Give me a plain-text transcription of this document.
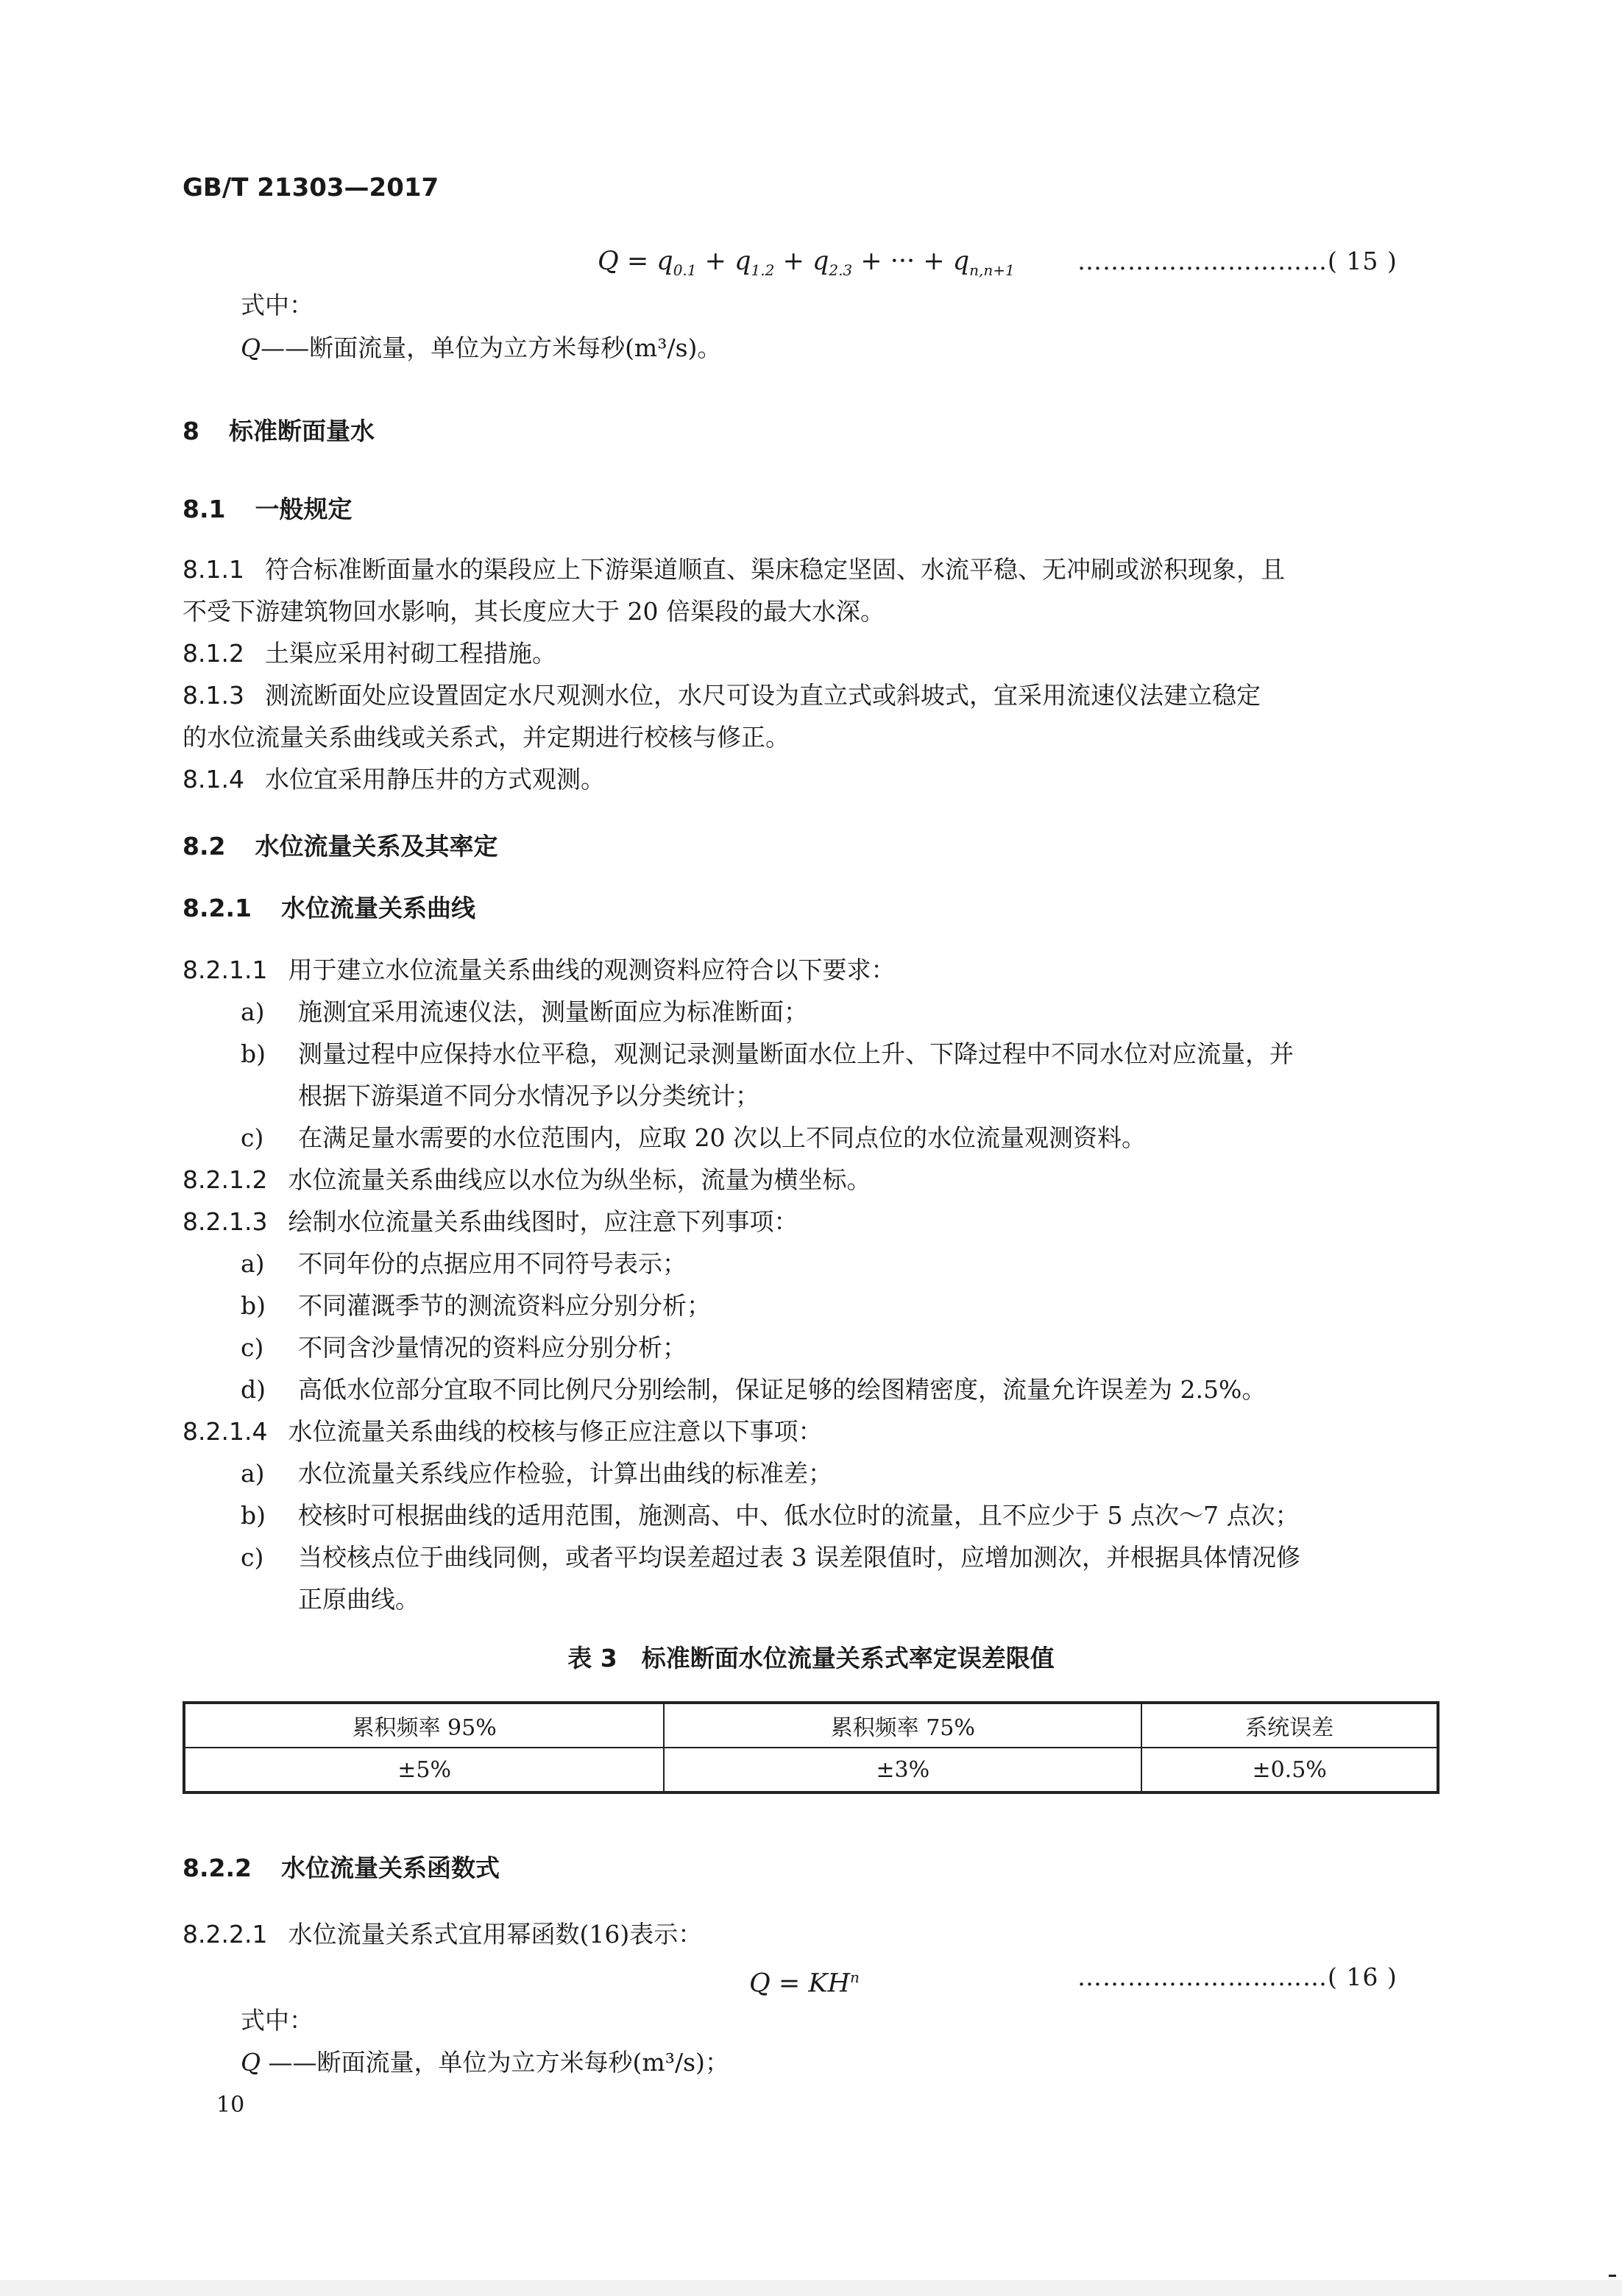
GB/T 21303—2017
$Q = q_{0.1} + q_{1.2} + q_{2.3}$ + ··· + $q_{n,n+1}$	…………………………( 15 )
式中：
Q——断面流量，单位为立方米每秒(m³/s)。
8 标准断面量水
8.1 一般规定
8.1.1 符合标准断面量水的渠段应上下游渠道顺直、渠床稳定坚固、水流平稳、无冲刷或淤积现象，且
不受下游建筑物回水影响，其长度应大于 20 倍渠段的最大水深。
8.1.2 土渠应采用衬砌工程措施。
8.1.3 测流断面处应设置固定水尺观测水位，水尺可设为直立式或斜坡式，宜采用流速仪法建立稳定
的水位流量关系曲线或关系式，并定期进行校核与修正。
8.1.4 水位宜采用静压井的方式观测。
8.2 水位流量关系及其率定
8.2.1 水位流量关系曲线
8.2.1.1 用于建立水位流量关系曲线的观测资料应符合以下要求：
a) 施测宜采用流速仪法，测量断面应为标准断面；
b) 测量过程中应保持水位平稳，观测记录测量断面水位上升、下降过程中不同水位对应流量，并
根据下游渠道不同分水情况予以分类统计；
c) 在满足量水需要的水位范围内，应取 20 次以上不同点位的水位流量观测资料。
8.2.1.2 水位流量关系曲线应以水位为纵坐标，流量为横坐标。
8.2.1.3 绘制水位流量关系曲线图时，应注意下列事项：
a) 不同年份的点据应用不同符号表示；
b) 不同灌溉季节的测流资料应分别分析；
c) 不同含沙量情况的资料应分别分析；
d) 高低水位部分宜取不同比例尺分别绘制，保证足够的绘图精密度，流量允许误差为 2.5%。
8.2.1.4 水位流量关系曲线的校核与修正应注意以下事项：
a) 水位流量关系线应作检验，计算出曲线的标准差；
b) 校核时可根据曲线的适用范围，施测高、中、低水位时的流量，且不应少于 5 点次～7 点次；
c) 当校核点位于曲线同侧，或者平均误差超过表 3 误差限值时，应增加测次，并根据具体情况修
正原曲线。
表 3　标准断面水位流量关系式率定误差限值
累积频率 95%	累积频率 75%	系统误差
±5%	±3%	±0.5%
8.2.2 水位流量关系函数式
8.2.2.1 水位流量关系式宜用幂函数(16)表示：
$Q = KH^n$	…………………………( 16 )
式中：
Q ——断面流量，单位为立方米每秒(m³/s)；
10
